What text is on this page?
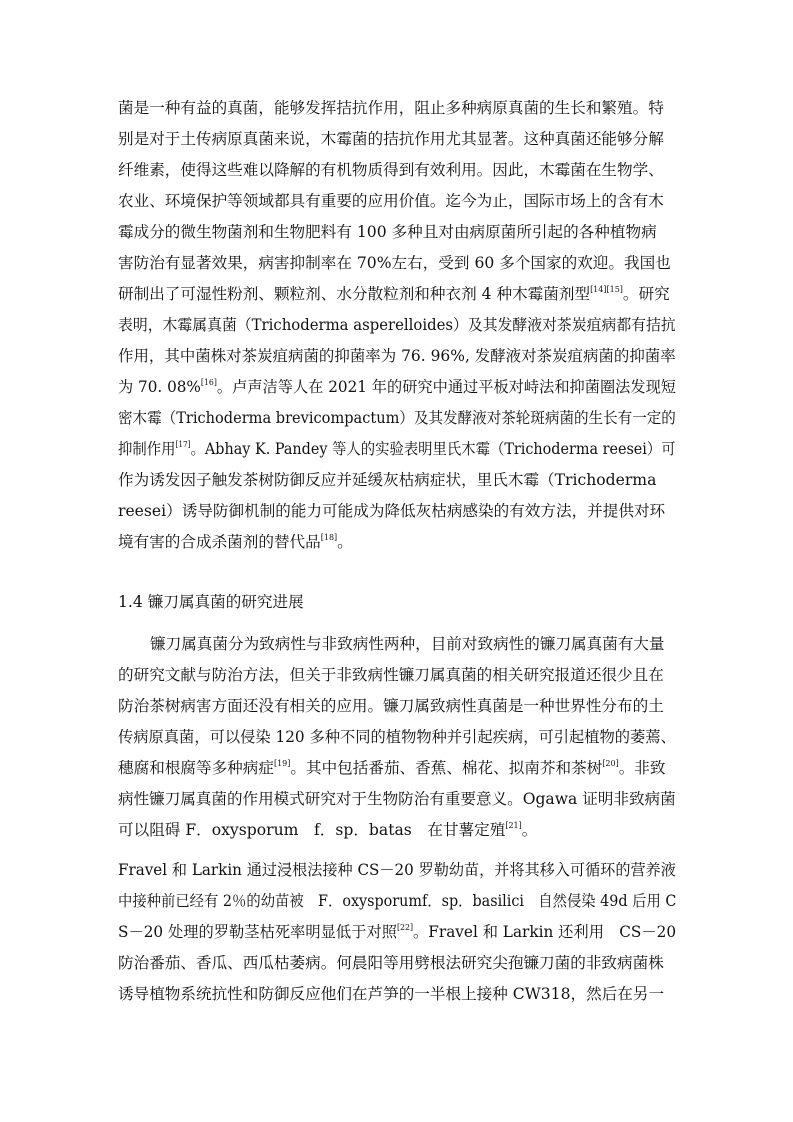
菌是一种有益的真菌，能够发挥拮抗作用，阻止多种病原真菌的生长和繁殖。特
别是对于土传病原真菌来说，木霉菌的拮抗作用尤其显著。这种真菌还能够分解
纤维素，使得这些难以降解的有机物质得到有效利用。因此，木霉菌在生物学、
农业、环境保护等领域都具有重要的应用价值。迄今为止，国际市场上的含有木
霉成分的微生物菌剂和生物肥料有 100 多种且对由病原菌所引起的各种植物病
害防治有显著效果，病害抑制率在 70%左右，受到 60 多个国家的欢迎。我国也
研制出了可湿性粉剂、颗粒剂、水分散粒剂和种衣剂 4 种木霉菌剂型[14][15]。研究
表明，木霉属真菌（Trichoderma asperelloides）及其发酵液对茶炭疽病都有拮抗
作用，其中菌株对茶炭疽病菌的抑菌率为 76. 96%, 发酵液对茶炭疽病菌的抑菌率
为 70. 08%[16]。卢声洁等人在 2021 年的研究中通过平板对峙法和抑菌圈法发现短
密木霉（Trichoderma brevicompactum）及其发酵液对茶轮斑病菌的生长有一定的
抑制作用[17]。Abhay K. Pandey 等人的实验表明里氏木霉（Trichoderma reesei）可
作为诱发因子触发茶树防御反应并延缓灰枯病症状，里氏木霉（Trichoderma
reesei）诱导防御机制的能力可能成为降低灰枯病感染的有效方法，并提供对环
境有害的合成杀菌剂的替代品[18]。
1.4 镰刀属真菌的研究进展
镰刀属真菌分为致病性与非致病性两种，目前对致病性的镰刀属真菌有大量
的研究文献与防治方法，但关于非致病性镰刀属真菌的相关研究报道还很少且在
防治茶树病害方面还没有相关的应用。镰刀属致病性真菌是一种世界性分布的土
传病原真菌，可以侵染 120 多种不同的植物物种并引起疾病，可引起植物的萎蔫、
穗腐和根腐等多种病症[19]。其中包括番茄、香蕉、棉花、拟南芥和茶树[20]。非致
病性镰刀属真菌的作用模式研究对于生物防治有重要意义。Ogawa 证明非致病菌
可以阻碍 F．oxysporum　f．sp．batas　在甘薯定殖[21]。
Fravel 和 Larkin 通过浸根法接种 CS－20 罗勒幼苗，并将其移入可循环的营养液
中接种前已经有 2％的幼苗被　F．oxysporumf．sp．basilici　自然侵染 49d 后用 C
S－20 处理的罗勒茎枯死率明显低于对照[22]。Fravel 和 Larkin 还利用　CS－20
防治番茄、香瓜、西瓜枯萎病。何晨阳等用劈根法研究尖孢镰刀菌的非致病菌株
诱导植物系统抗性和防御反应他们在芦笋的一半根上接种 CW318，然后在另一
